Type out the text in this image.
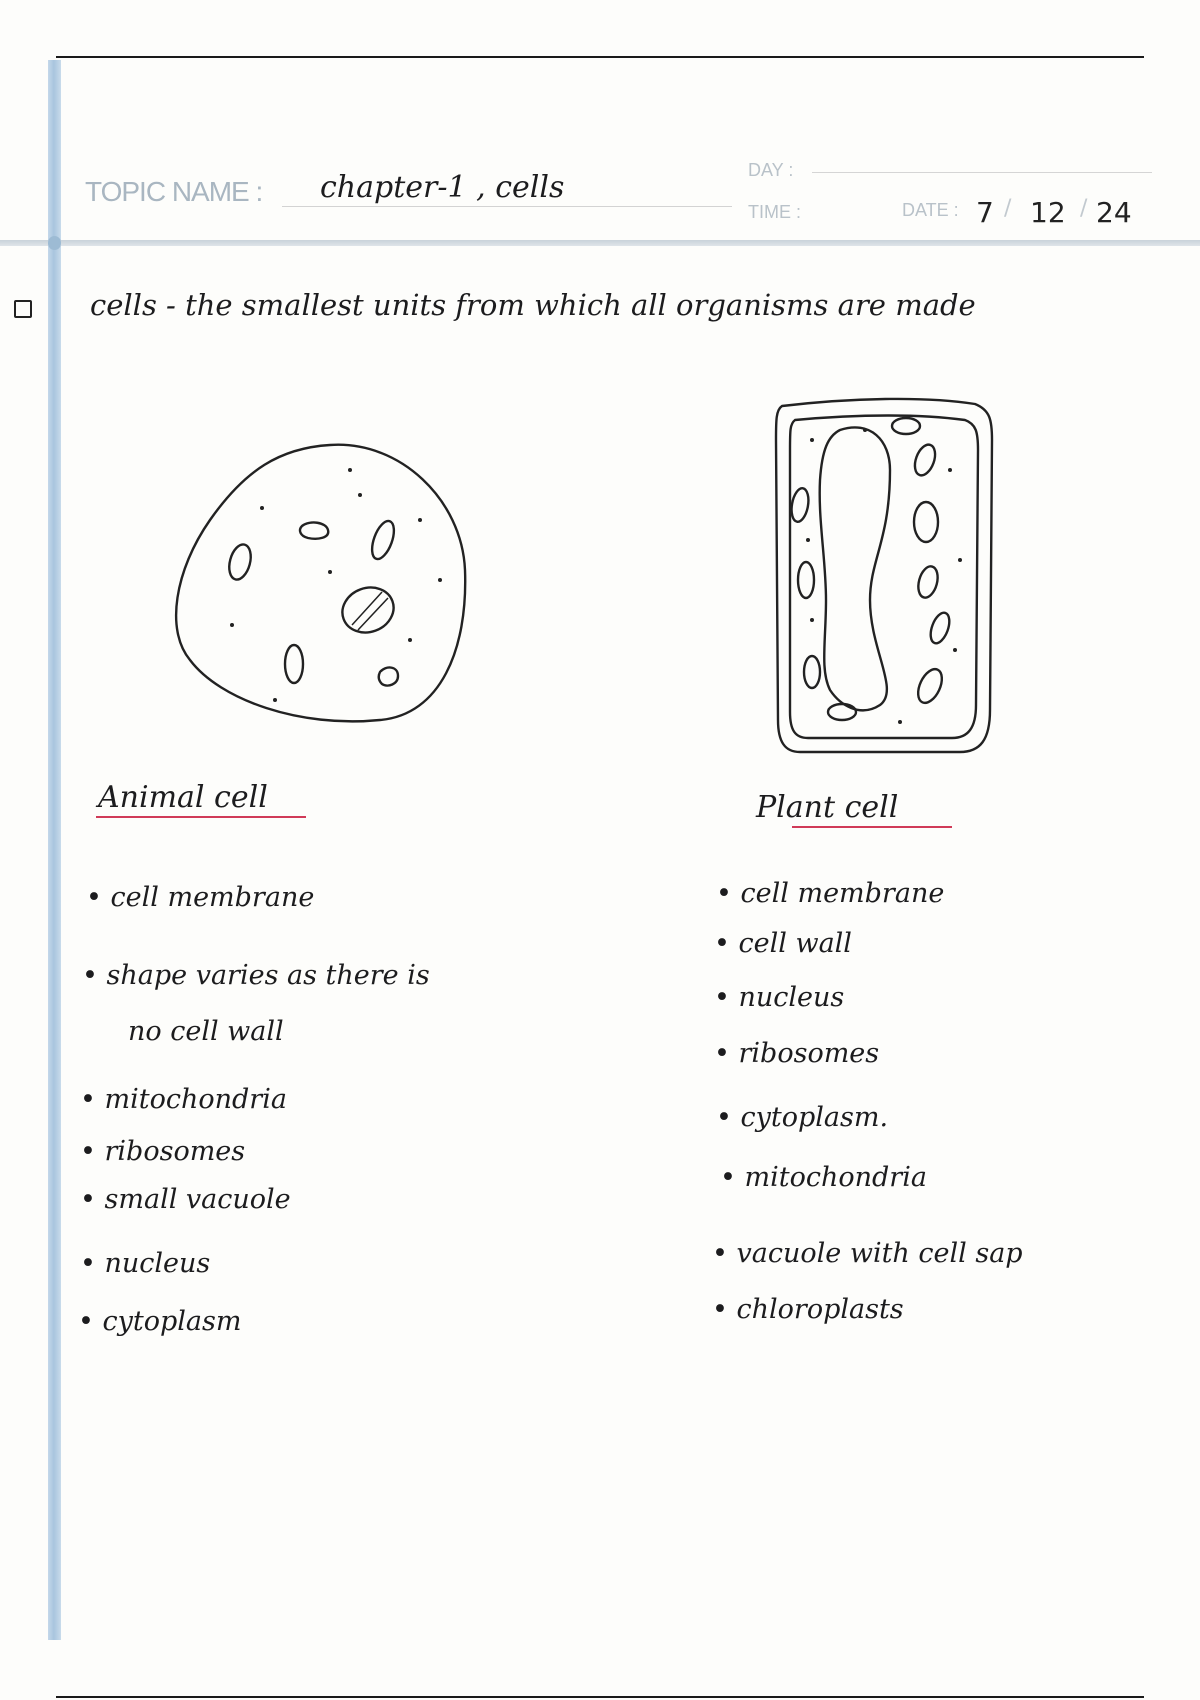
TOPIC NAME : chapter-1 , cells	DAY :
TIME :	DATE : 7 / 12 / 24
cells - the smallest units from which all organisms are made
Animal cell	Plant cell
• cell membrane
• shape varies as there is
no cell wall
• mitochondria
• ribosomes
• small vacuole
• nucleus
• cytoplasm
• cell membrane
• cell wall
• nucleus
• ribosomes
• cytoplasm.
• mitochondria
• vacuole with cell sap
• chloroplasts
